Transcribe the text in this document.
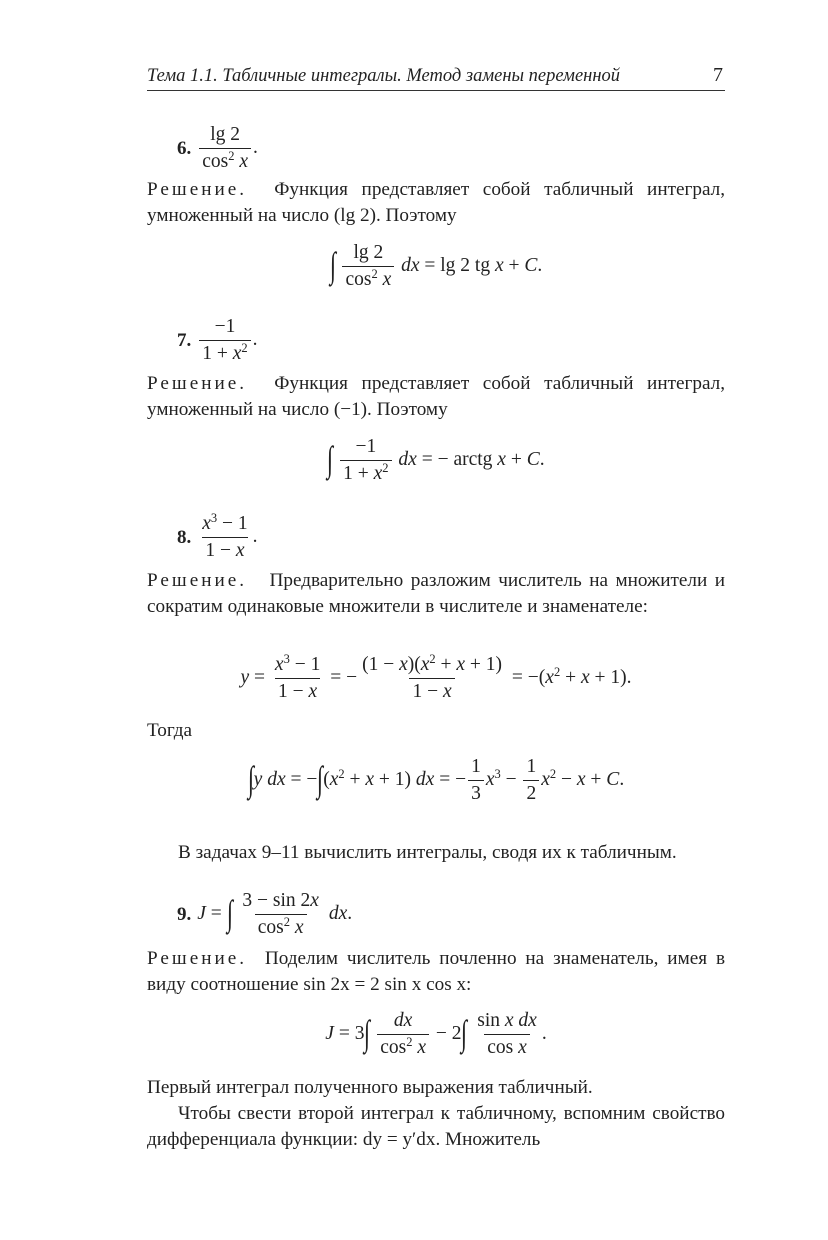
Тема 1.1. Табличные интегралы. Метод замены переменной	7
6. $\frac{\lg 2}{\cos^2 x}$ .
Решение. Функция представляет собой табличный интеграл, умноженный на число (lg 2). Поэтому
∫ $\frac{\lg 2}{\cos^2 x}$ dx = lg 2 tg x + C.
7. $\frac{-1}{1 + x^2}$ .
Решение. Функция представляет собой табличный интеграл, умноженный на число (−1). Поэтому
∫ $\frac{-1}{1 + x^2}$ dx = − arctg x + C.
8. $\frac{x^3 - 1}{1 - x}$ .
Решение. Предварительно разложим числитель на множители и сократим одинаковые множители в числителе и знаменателе:
$y = \frac{x^3 - 1}{1 - x}$ = − $\frac{(1 - x)(x^2 + x + 1)}{1 - x} = -(x^2 + x + 1)$.
Тогда
∫y dx = $-\int(x^2 + x + 1)$ dx = − $\frac{1}{3} x^3 - \frac{1}{2} x^2 - x + C$.
В задачах 9–11 вычислить интегралы, сводя их к табличным.
9. J = ∫ $\frac{3 - \sin 2x}{\cos^2 x}$ dx.
Решение. Поделим числитель почленно на знаменатель, имея в виду соотношение sin 2x = 2 sin x cos x:
$J = 3\int \frac{dx}{\cos^2 x} - 2\int \frac{\text{sin x dx}}{\text{cos x}}$ .
Первый интеграл полученного выражения табличный.
Чтобы свести второй интеграл к табличному, вспомним свойство дифференциала функции: dy = y′dx. Множитель
